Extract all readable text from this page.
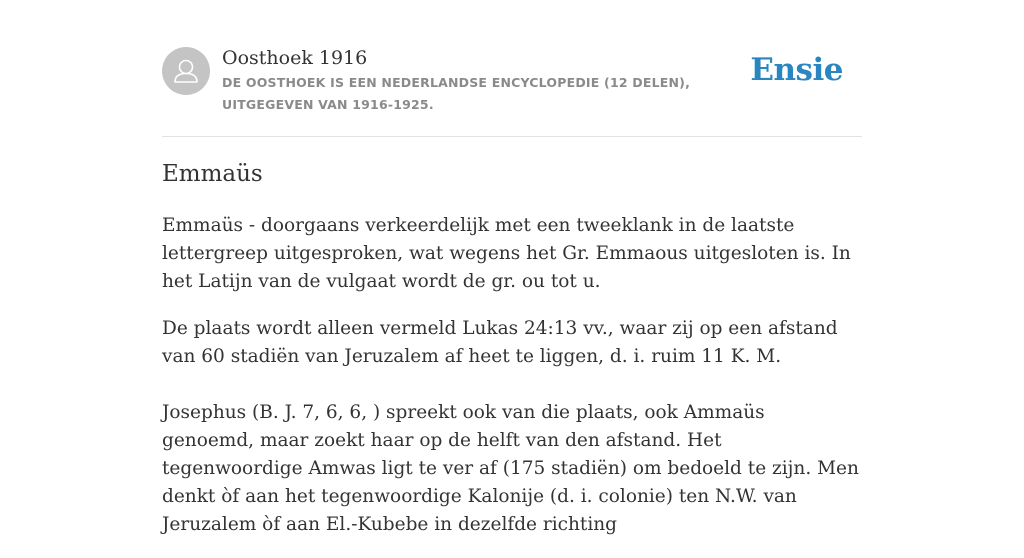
Oosthoek 1916
DE OOSTHOEK IS EEN NEDERLANDSE ENCYCLOPEDIE (12 DELEN), UITGEGEVEN VAN 1916-1925.
Ensie
Emmaüs

Emmaüs - doorgaans verkeerdelijk met een tweeklank in de laatste lettergreep uitgesproken, wat wegens het Gr. Emmaous uitgesloten is. In het Latijn van de vulgaat wordt de gr. ou tot u.

De plaats wordt alleen vermeld Lukas 24:13 vv., waar zij op een afstand van 60 stadiën van Jeruzalem af heet te liggen, d. i. ruim 11 K. M.

Josephus (B. J. 7, 6, 6, ) spreekt ook van die plaats, ook Ammaüs genoemd, maar zoekt haar op de helft van den afstand. Het tegenwoordige Amwas ligt te ver af (175 stadiën) om bedoeld te zijn. Men denkt òf aan het tegenwoordige Kalonije (d. i. colonie) ten N.W. van Jeruzalem òf aan El.-Kubebe in dezelfde richting
